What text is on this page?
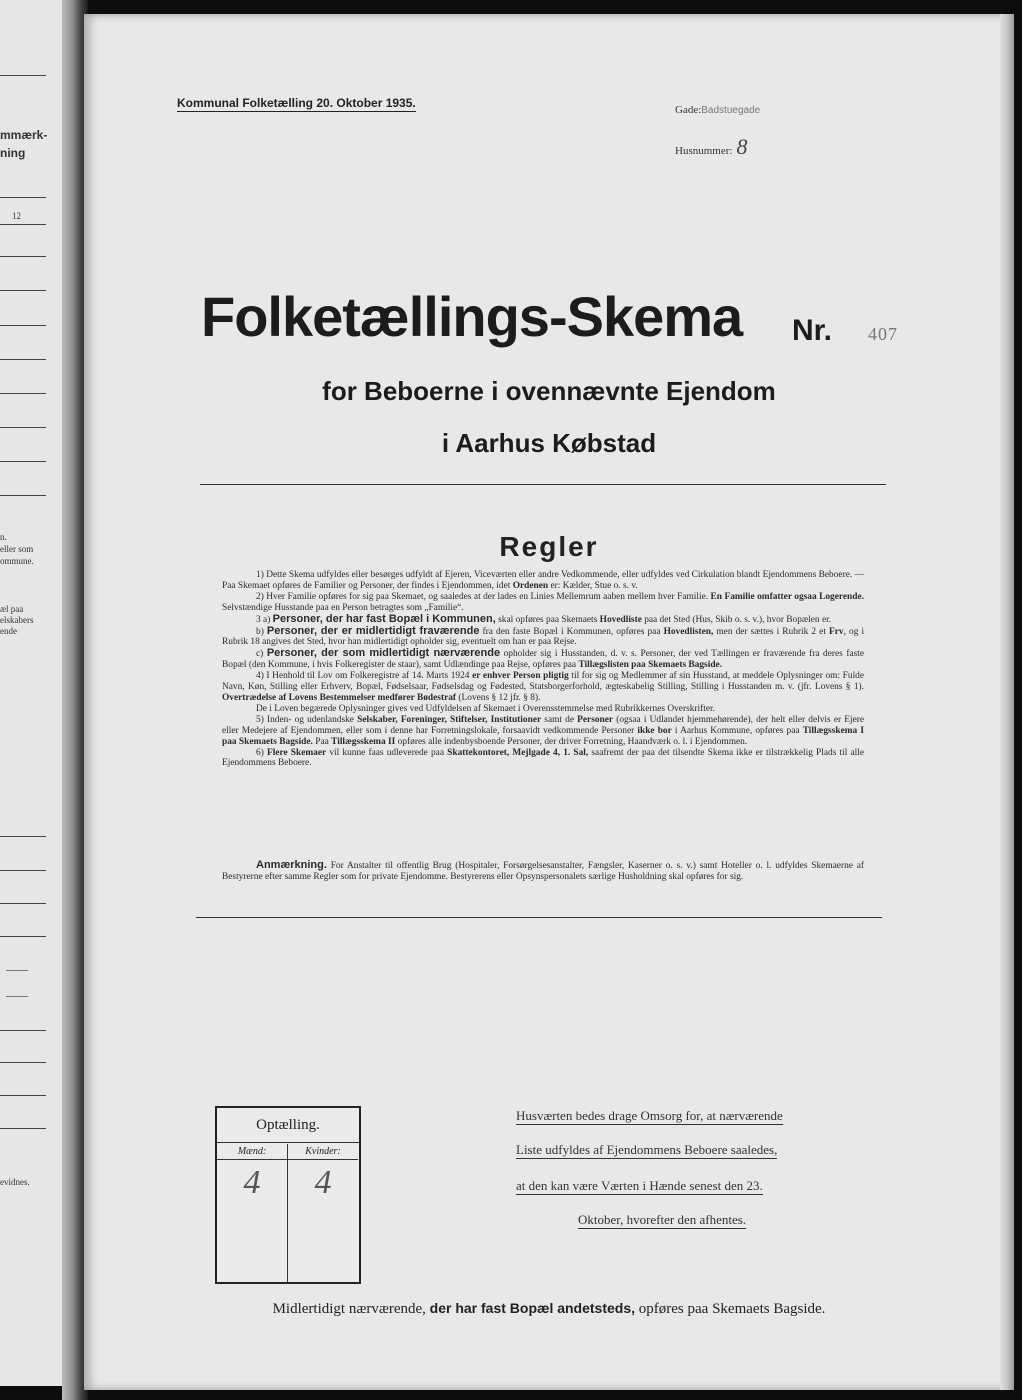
mmærk-
ning
12
n.
eller som
ommune.
æl paa
elskabers
ende
evidnes.
Kommunal Folketælling 20. Oktober 1935.	Gade:Badstuegade
Husnummer: 8
Folketællings-Skema Nr. 407
for Beboerne i ovennævnte Ejendom
i Aarhus Købstad
Regler

1) Dette Skema udfyldes eller besørges udfyldt af Ejeren, Viceværten eller andre Vedkommende, eller udfyldes ved Cirkulation blandt Ejendommens Beboere. — Paa Skemaet opføres de Familier og Personer, der findes i Ejendommen, idet Ordenen er: Kælder, Stue o. s. v.

2) Hver Familie opføres for sig paa Skemaet, og saaledes at der lades en Linies Mellemrum aaben mellem hver Familie. En Familie omfatter ogsaa Logerende. Selvstændige Husstande paa en Person betragtes som „Familie“.

3 a) Personer, der har fast Bopæl i Kommunen, skal opføres paa Skemaets Hovedliste paa det Sted (Hus, Skib o. s. v.), hvor Bopælen er.

b) Personer, der er midlertidigt fraværende fra den faste Bopæl i Kommunen, opføres paa Hovedlisten, men der sættes i Rubrik 2 et Frv, og i Rubrik 18 angives det Sted, hvor han midlertidigt opholder sig, eventuelt om han er paa Rejse.

c) Personer, der som midlertidigt nærværende opholder sig i Husstanden, d. v. s. Personer, der ved Tællingen er fraværende fra deres faste Bopæl (den Kommune, i hvis Folkeregister de staar), samt Udlændinge paa Rejse, opføres paa Tillægslisten paa Skemaets Bagside.

4) I Henhold til Lov om Folkeregistre af 14. Marts 1924 er enhver Person pligtig til for sig og Medlemmer af sin Husstand, at meddele Oplysninger om: Fulde Navn, Køn, Stilling eller Erhverv, Bopæl, Fødselsaar, Fødselsdag og Fødested, Statsborgerforhold, ægteskabelig Stilling, Stilling i Husstanden m. v. (jfr. Lovens § 1). Overtrædelse af Lovens Bestemmelser medfører Bødestraf (Lovens § 12 jfr. § 8).

De i Loven begærede Oplysninger gives ved Udfyldelsen af Skemaet i Overensstemmelse med Rubrikkernes Overskrifter.

5) Inden- og udenlandske Selskaber, Foreninger, Stiftelser, Institutioner samt de Personer (ogsaa i Udlandet hjemmehørende), der helt eller delvis er Ejere eller Medejere af Ejendommen, eller som i denne har Forretningslokale, forsaavidt vedkommende Personer ikke bor i Aarhus Kommune, opføres paa Tillægsskema I paa Skemaets Bagside. Paa Tillægsskema II opføres alle indenbysboende Personer, der driver Forretning, Haandværk o. l. i Ejendommen.

6) Flere Skemaer vil kunne faas udleverede paa Skattekontoret, Mejlgade 4, 1. Sal, saafremt der paa det tilsendte Skema ikke er tilstrækkelig Plads til alle Ejendommens Beboere.

Anmærkning. For Anstalter til offentlig Brug (Hospitaler, Forsørgelsesanstalter, Fængsler, Kaserner o. s. v.) samt Hoteller o. l. udfyldes Skemaerne af Bestyrerne efter samme Regler som for private Ejendomme. Bestyrerens eller Opsynspersonalets særlige Husholdning skal opføres for sig.
Optælling.
Mænd:
4
Kvinder:
4
Husværten bedes drage Omsorg for, at nærværende
Liste udfyldes af Ejendommens Beboere saaledes,
at den kan være Værten i Hænde senest den 23.
Oktober, hvorefter den afhentes.
Midlertidigt nærværende, der har fast Bopæl andetsteds, opføres paa Skemaets Bagside.
